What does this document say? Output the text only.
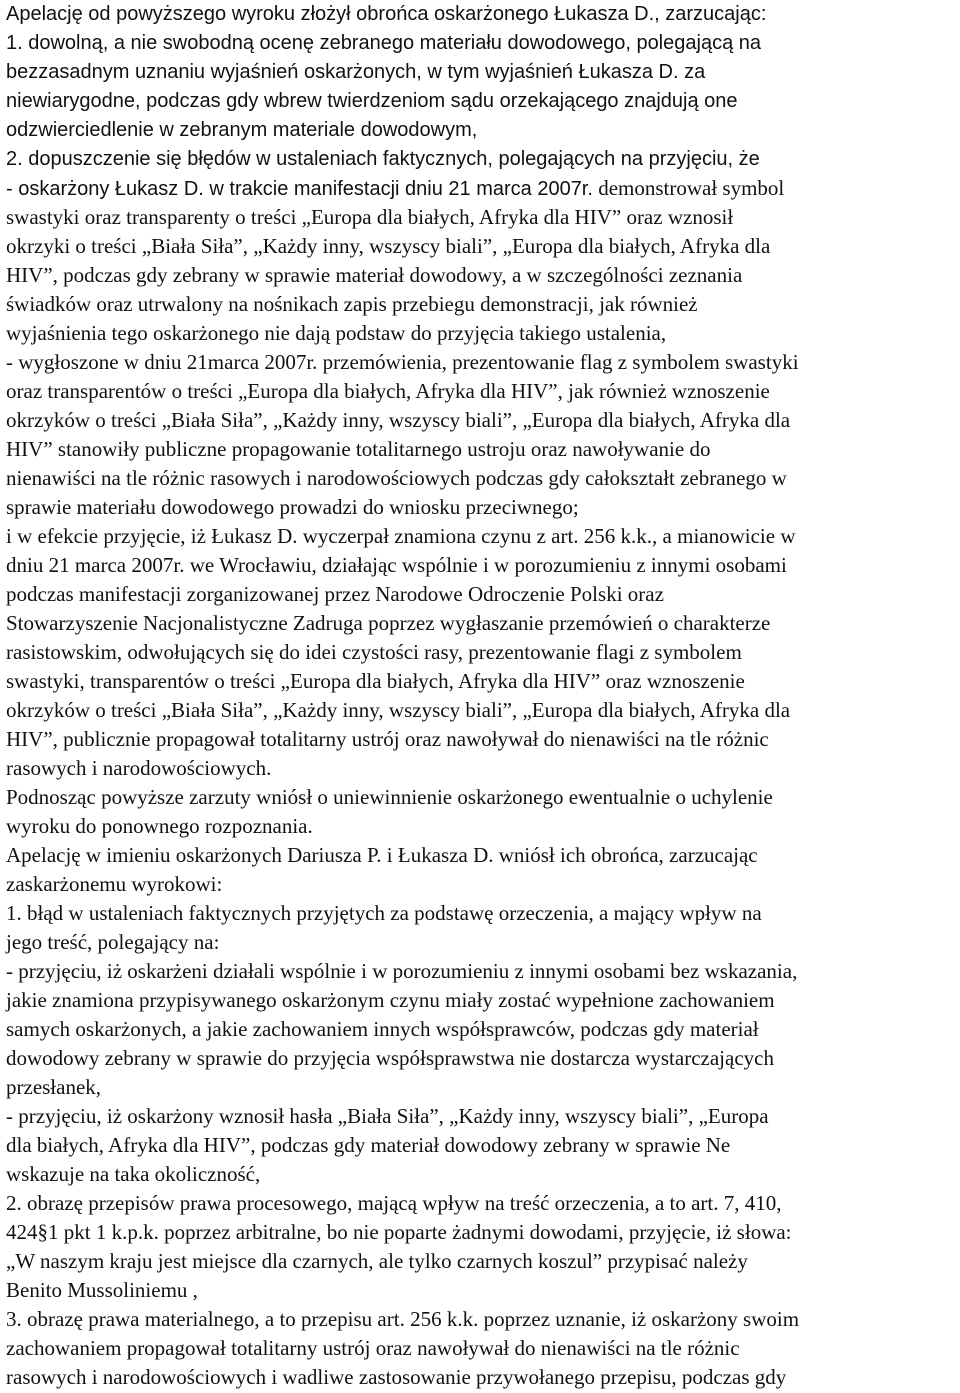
Apelację od powyższego wyroku złożył obrońca oskarżonego Łukasza D., zarzucając:
1. dowolną, a nie swobodną ocenę zebranego materiału dowodowego, polegającą na
bezzasadnym uznaniu wyjaśnień oskarżonych, w tym wyjaśnień Łukasza D. za
niewiarygodne, podczas gdy wbrew twierdzeniom sądu orzekającego znajdują one
odzwierciedlenie w zebranym materiale dowodowym,
2. dopuszczenie się błędów w ustaleniach faktycznych, polegających na przyjęciu, że
- oskarżony Łukasz D. w trakcie manifestacji dniu 21 marca 2007r. demonstrował symbol
swastyki oraz transparenty o treści „Europa dla białych, Afryka dla HIV” oraz wznosił
okrzyki o treści „Biała Siła”, „Każdy inny, wszyscy biali”, „Europa dla białych, Afryka dla
HIV”, podczas gdy zebrany w sprawie materiał dowodowy, a w szczególności zeznania
świadków oraz utrwalony na nośnikach zapis przebiegu demonstracji, jak również
wyjaśnienia tego oskarżonego nie dają podstaw do przyjęcia takiego ustalenia,
- wygłoszone w dniu 21marca 2007r. przemówienia, prezentowanie flag z symbolem swastyki
oraz transparentów o treści „Europa dla białych, Afryka dla HIV”, jak również wznoszenie
okrzyków o treści „Biała Siła”, „Każdy inny, wszyscy biali”, „Europa dla białych, Afryka dla
HIV” stanowiły publiczne propagowanie totalitarnego ustroju oraz nawoływanie do
nienawiści na tle różnic rasowych i narodowościowych podczas gdy całokształt zebranego w
sprawie materiału dowodowego prowadzi do wniosku przeciwnego;
i w efekcie przyjęcie, iż Łukasz D. wyczerpał znamiona czynu z art. 256 k.k., a mianowicie w
dniu 21 marca 2007r. we Wrocławiu, działając wspólnie i w porozumieniu z innymi osobami
podczas manifestacji zorganizowanej przez Narodowe Odroczenie Polski oraz
Stowarzyszenie Nacjonalistyczne Zadruga poprzez wygłaszanie przemówień o charakterze
rasistowskim, odwołujących się do idei czystości rasy, prezentowanie flagi z symbolem
swastyki, transparentów o treści „Europa dla białych, Afryka dla HIV” oraz wznoszenie
okrzyków o treści „Biała Siła”, „Każdy inny, wszyscy biali”, „Europa dla białych, Afryka dla
HIV”, publicznie propagował totalitarny ustrój oraz nawoływał do nienawiści na tle różnic
rasowych i narodowościowych.
Podnosząc powyższe zarzuty wniósł o uniewinnienie oskarżonego ewentualnie o uchylenie
wyroku do ponownego rozpoznania.
Apelację w imieniu oskarżonych Dariusza P. i Łukasza D. wniósł ich obrońca, zarzucając
zaskarżonemu wyrokowi:
1. błąd w ustaleniach faktycznych przyjętych za podstawę orzeczenia, a mający wpływ na
jego treść, polegający na:
- przyjęciu, iż oskarżeni działali wspólnie i w porozumieniu z innymi osobami bez wskazania,
jakie znamiona przypisywanego oskarżonym czynu miały zostać wypełnione zachowaniem
samych oskarżonych, a jakie zachowaniem innych współsprawców, podczas gdy materiał
dowodowy zebrany w sprawie do przyjęcia współsprawstwa nie dostarcza wystarczających
przesłanek,
- przyjęciu, iż oskarżony wznosił hasła „Biała Siła”, „Każdy inny, wszyscy biali”, „Europa
dla białych, Afryka dla HIV”, podczas gdy materiał dowodowy zebrany w sprawie Ne
wskazuje na taka okoliczność,
2. obrazę przepisów prawa procesowego, mającą wpływ na treść orzeczenia, a to art. 7, 410,
424§1 pkt 1 k.p.k. poprzez arbitralne, bo nie poparte żadnymi dowodami, przyjęcie, iż słowa:
„W naszym kraju jest miejsce dla czarnych, ale tylko czarnych koszul” przypisać należy
Benito Mussoliniemu ,
3. obrazę prawa materialnego, a to przepisu art. 256 k.k. poprzez uznanie, iż oskarżony swoim
zachowaniem propagował totalitarny ustrój oraz nawoływał do nienawiści na tle różnic
rasowych i narodowościowych i wadliwe zastosowanie przywołanego przepisu, podczas gdy
